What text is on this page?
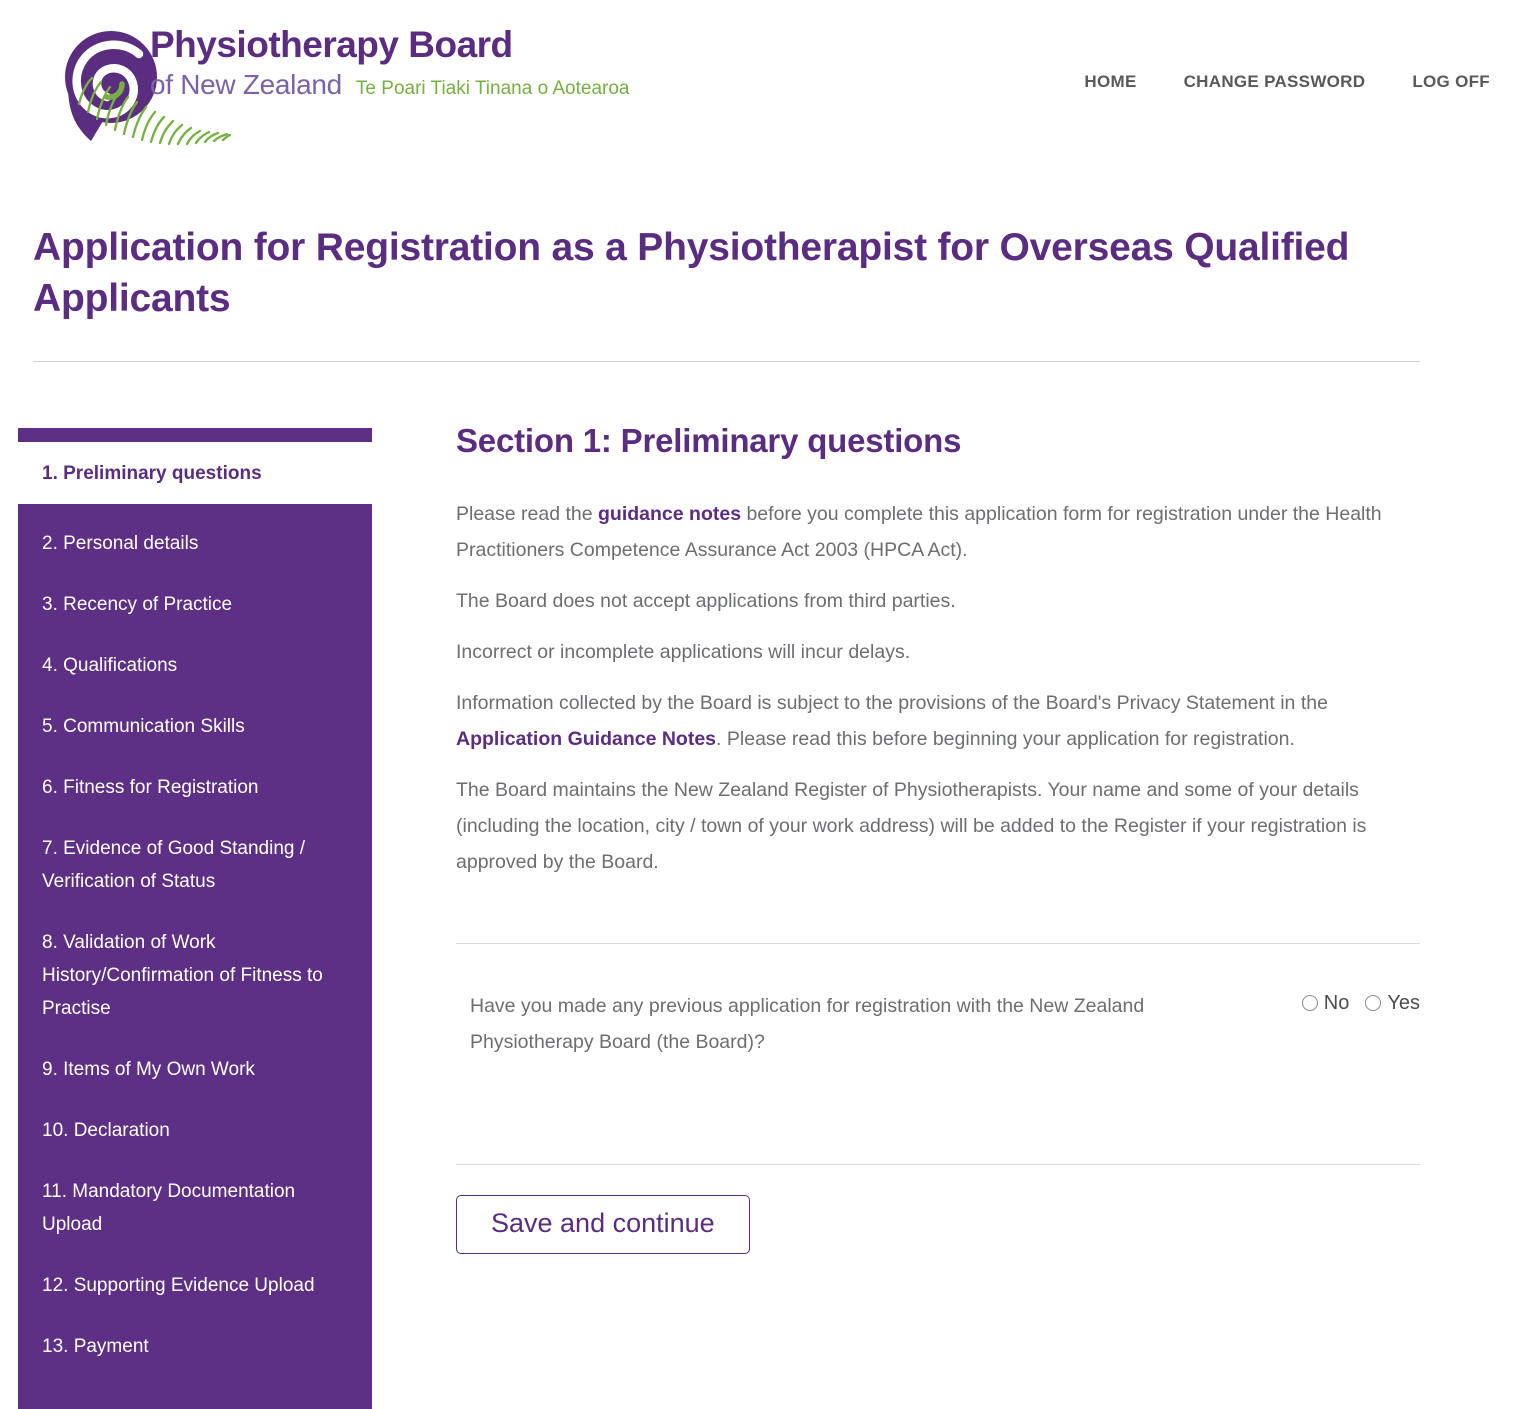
Physiotherapy Board
of New Zealand Te Poari Tiaki Tinana o Aotearoa	HOME	CHANGE PASSWORD	LOG OFF
Application for Registration as a Physiotherapist for Overseas Qualified Applicants
1. Preliminary questions
2. Personal details
3. Recency of Practice
4. Qualifications
5. Communication Skills
6. Fitness for Registration
7. Evidence of Good Standing / Verification of Status
8. Validation of Work History/Confirmation of Fitness to Practise
9. Items of My Own Work
10. Declaration
11. Mandatory Documentation Upload
12. Supporting Evidence Upload
13. Payment
Section 1: Preliminary questions

Please read the guidance notes before you complete this application form for registration under the Health Practitioners Competence Assurance Act 2003 (HPCA Act).

The Board does not accept applications from third parties.

Incorrect or incomplete applications will incur delays.

Information collected by the Board is subject to the provisions of the Board's Privacy Statement in the Application Guidance Notes. Please read this before beginning your application for registration.

The Board maintains the New Zealand Register of Physiotherapists. Your name and some of your details (including the location, city / town of your work address) will be added to the Register if your registration is approved by the Board.

Have you made any previous application for registration with the New Zealand Physiotherapy Board (the Board)?
No Yes
Save and continue
